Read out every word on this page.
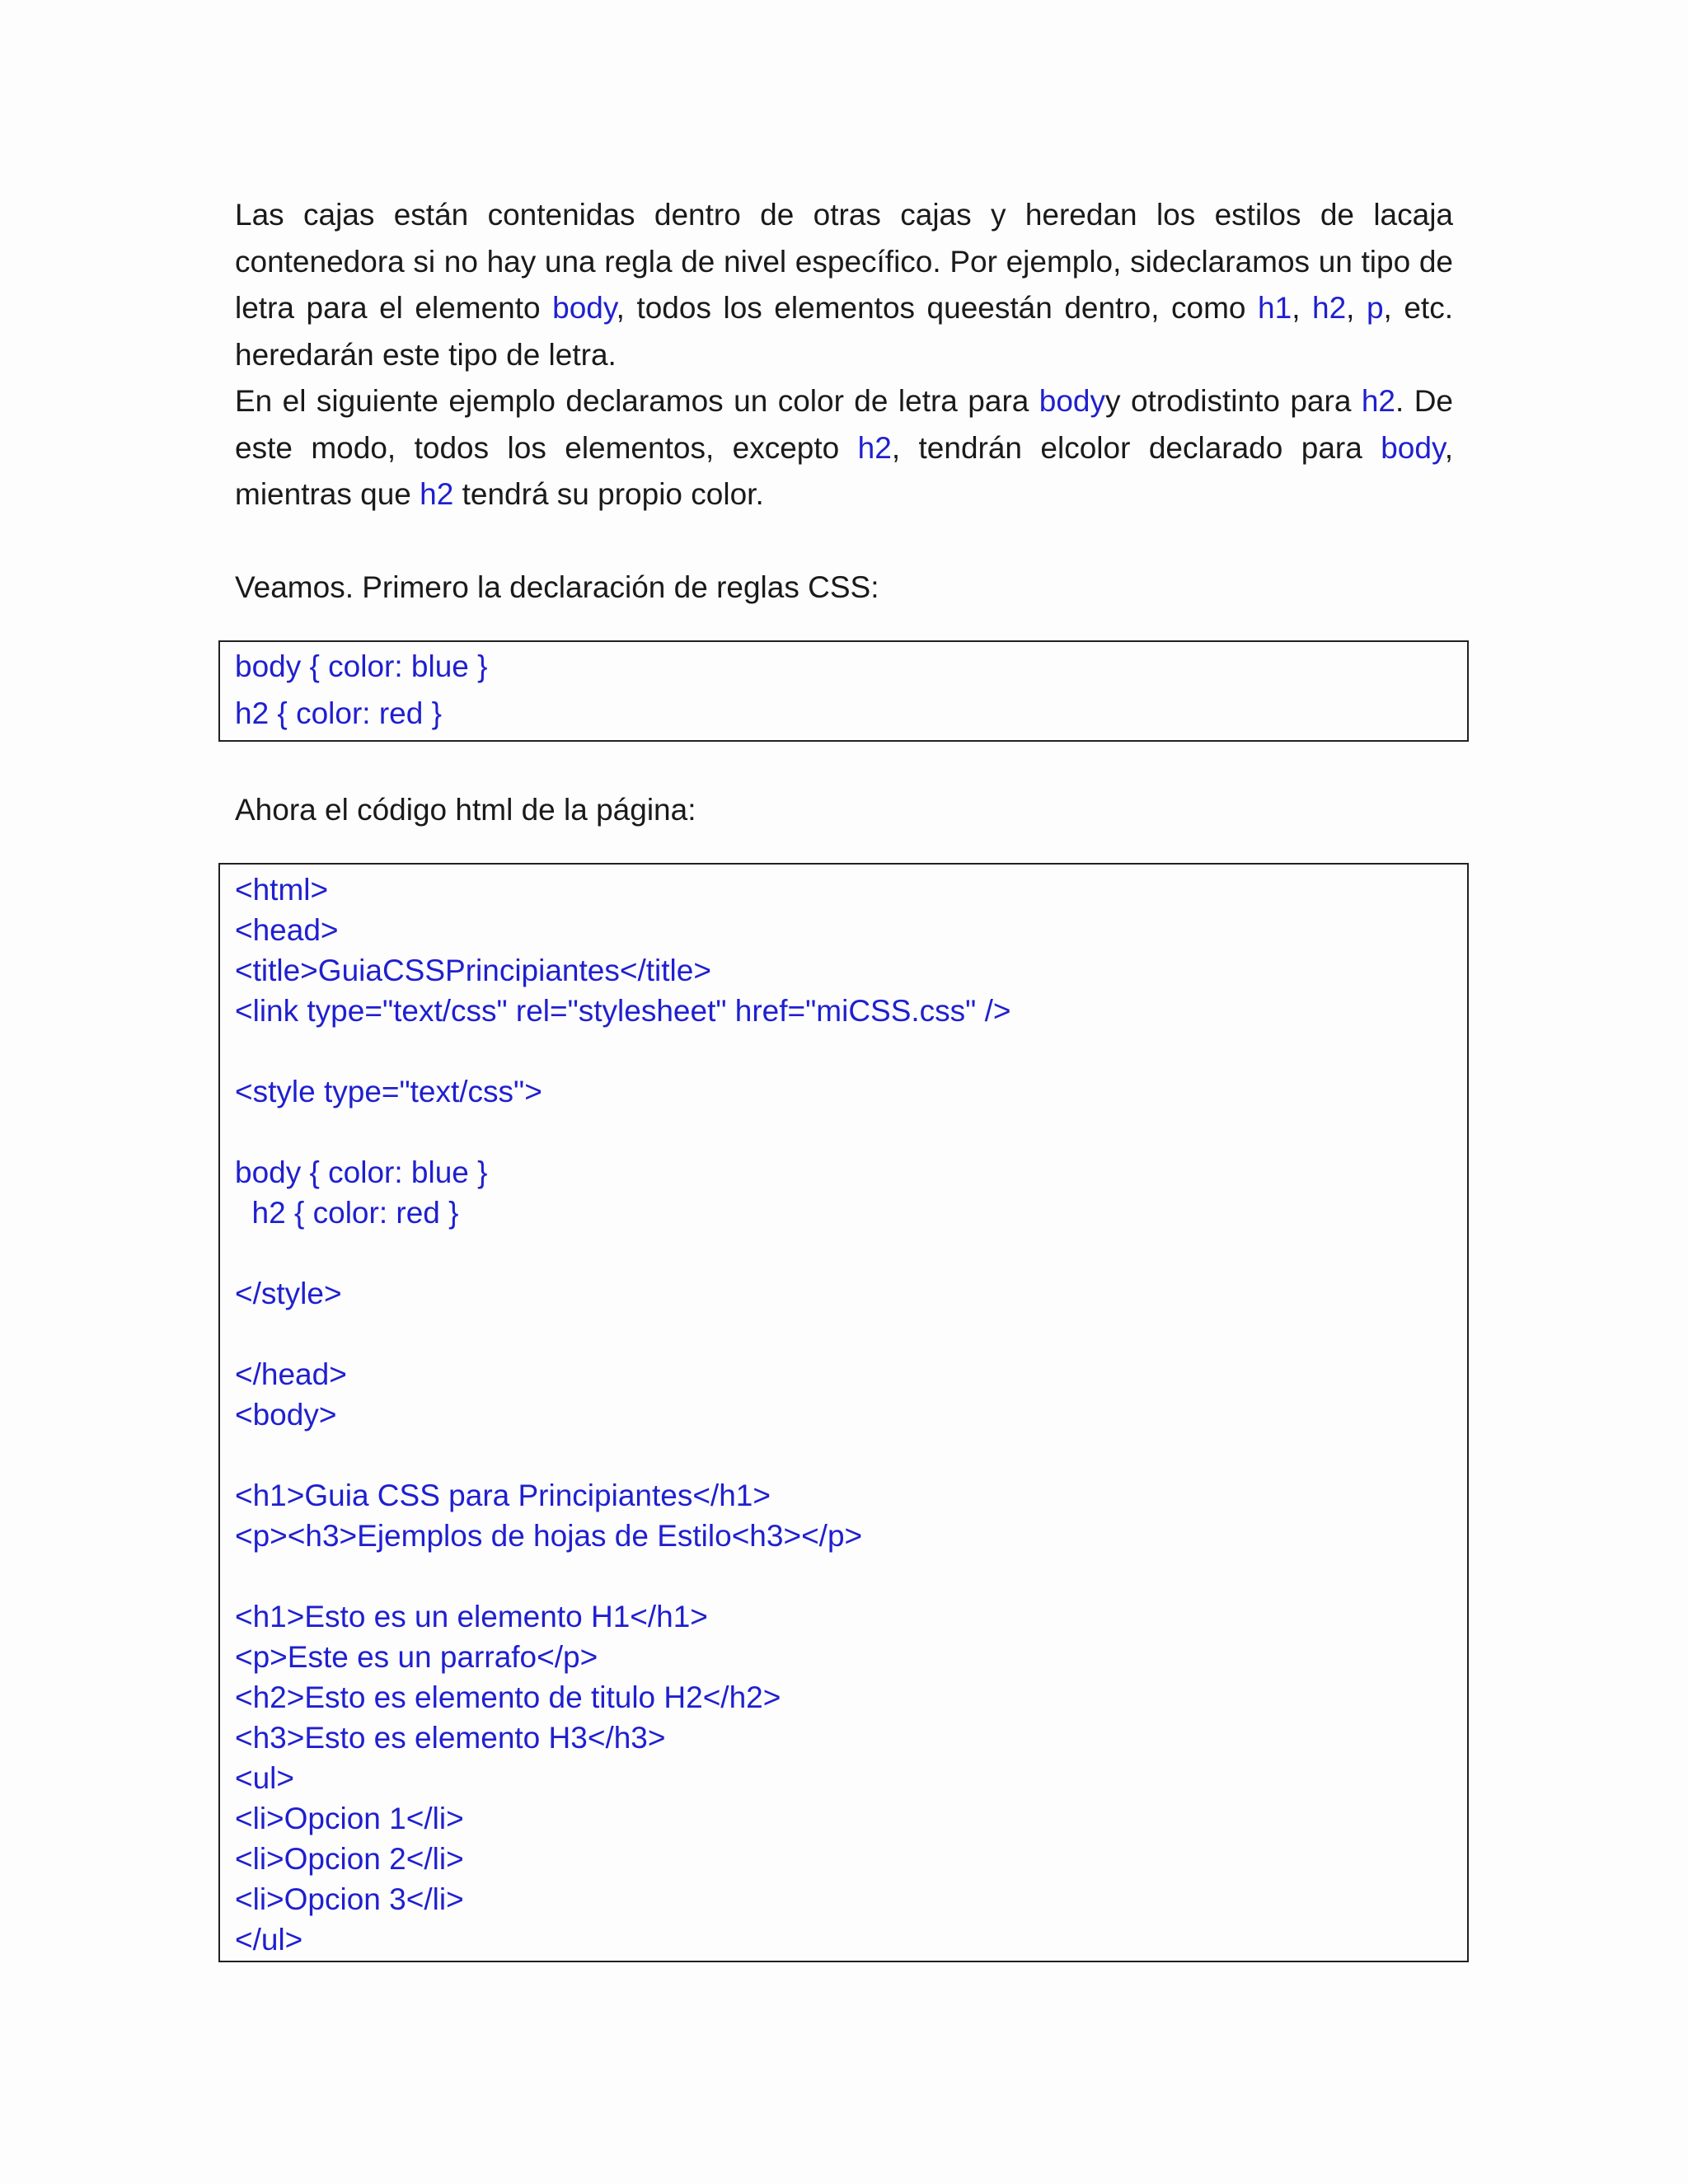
Las cajas están contenidas dentro de otras cajas y heredan los estilos de lacaja
contenedora si no hay una regla de nivel específico. Por ejemplo, sideclaramos un tipo de
letra para el elemento body, todos los elementos queestán dentro, como h1, h2, p, etc.
heredarán este tipo de letra.
En el siguiente ejemplo declaramos un color de letra para bodyy otrodistinto para h2. De
este modo, todos los elementos, excepto h2, tendrán elcolor declarado para body,
mientras que h2 tendrá su propio color.
Veamos. Primero la declaración de reglas CSS:
body { color: blue }
h2 { color: red }
Ahora el código html de la página:
<html>
<head>
<title>GuiaCSSPrincipiantes</title>
<link type="text/css" rel="stylesheet" href="miCSS.css" />
<style type="text/css">
body { color: blue }
h2 { color: red }
</style>
</head>
<body>
<h1>Guia CSS para Principiantes</h1>
<p><h3>Ejemplos de hojas de Estilo<h3></p>
<h1>Esto es un elemento H1</h1>
<p>Este es un parrafo</p>
<h2>Esto es elemento de titulo H2</h2>
<h3>Esto es elemento H3</h3>
<ul>
<li>Opcion 1</li>
<li>Opcion 2</li>
<li>Opcion 3</li>
</ul>
